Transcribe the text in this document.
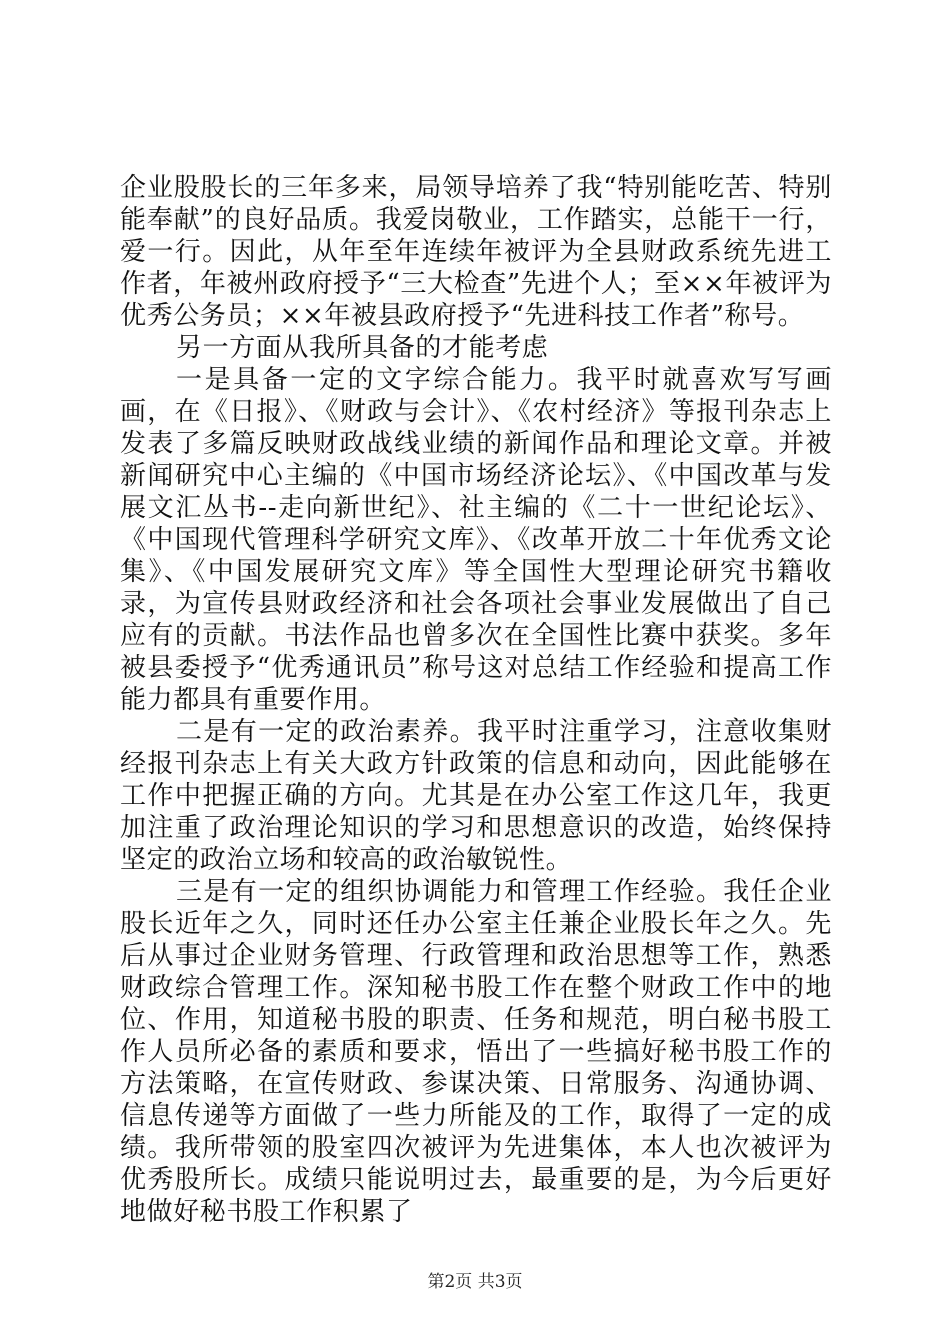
企业股股长的三年多来，局领导培养了我“特别能吃苦、特别能奉献”的良好品质。我爱岗敬业，工作踏实，总能干一行，爱一行。因此，从年至年连续年被评为全县财政系统先进工作者，年被州政府授予“三大检查”先进个人；至××年被评为优秀公务员；××年被县政府授予“先进科技工作者”称号。

另一方面从我所具备的才能考虑

一是具备一定的文字综合能力。我平时就喜欢写写画画，在《日报》、《财政与会计》、《农村经济》等报刊杂志上发表了多篇反映财政战线业绩的新闻作品和理论文章。并被新闻研究中心主编的《中国市场经济论坛》、《中国改革与发展文汇丛书--走向新世纪》、社主编的《二十一世纪论坛》、《中国现代管理科学研究文库》、《改革开放二十年优秀文论集》、《中国发展研究文库》等全国性大型理论研究书籍收录，为宣传县财政经济和社会各项社会事业发展做出了自己应有的贡献。书法作品也曾多次在全国性比赛中获奖。多年被县委授予“优秀通讯员”称号这对总结工作经验和提高工作能力都具有重要作用。

二是有一定的政治素养。我平时注重学习，注意收集财经报刊杂志上有关大政方针政策的信息和动向，因此能够在工作中把握正确的方向。尤其是在办公室工作这几年，我更加注重了政治理论知识的学习和思想意识的改造，始终保持坚定的政治立场和较高的政治敏锐性。

三是有一定的组织协调能力和管理工作经验。我任企业股长近年之久，同时还任办公室主任兼企业股长年之久。先后从事过企业财务管理、行政管理和政治思想等工作，熟悉财政综合管理工作。深知秘书股工作在整个财政工作中的地位、作用，知道秘书股的职责、任务和规范，明白秘书股工作人员所必备的素质和要求，悟出了一些搞好秘书股工作的方法策略，在宣传财政、参谋决策、日常服务、沟通协调、信息传递等方面做了一些力所能及的工作，取得了一定的成绩。我所带领的股室四次被评为先进集体，本人也次被评为优秀股所长。成绩只能说明过去，最重要的是，为今后更好地做好秘书股工作积累了

第2页 共3页
